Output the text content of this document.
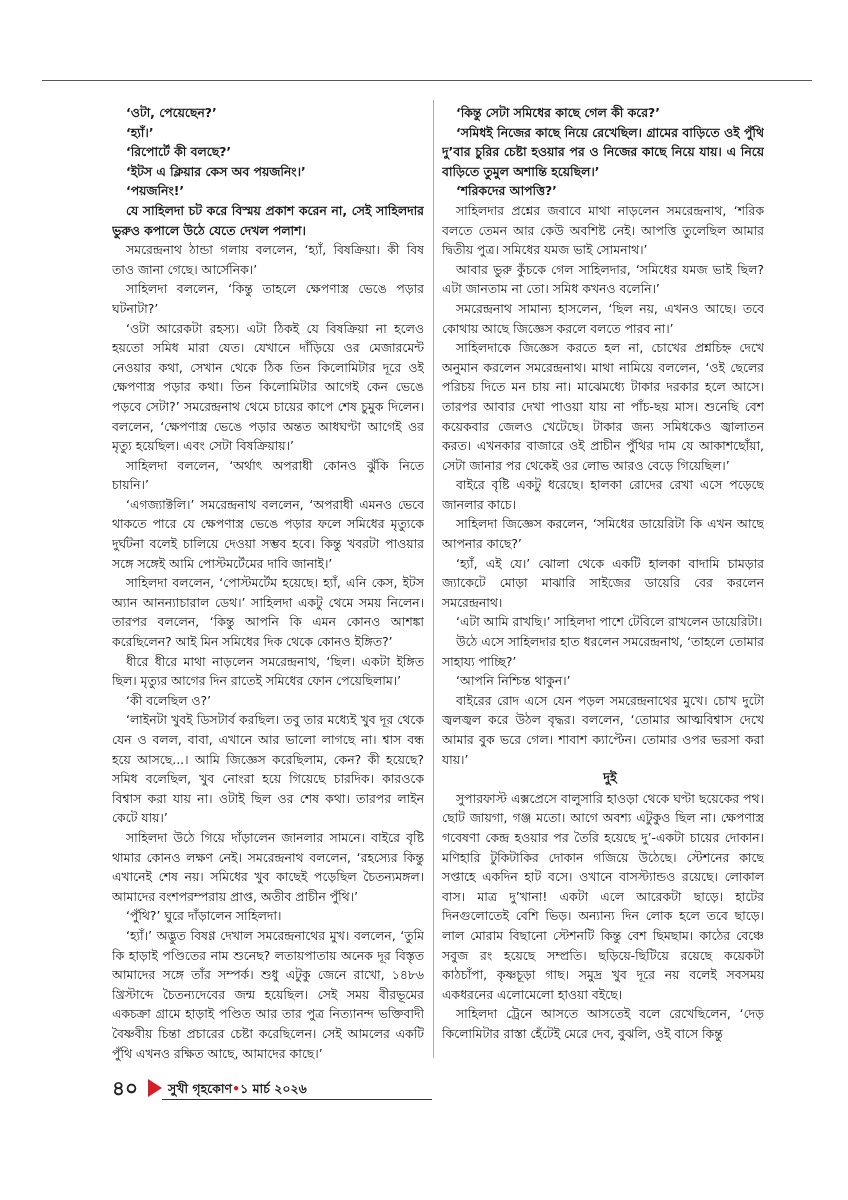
‘ওটা, পেয়েছেন?’

‘হ্যাঁ।’

‘রিপোর্টে কী বলছে?’

‘ইটস এ ক্লিয়ার কেস অব পয়জনিং।’

‘পয়জনিং!’

যে সাহিলদা চট করে বিস্ময় প্রকাশ করেন না, সেই সাহিলদার ভুরুও কপালে উঠে যেতে দেখল পলাশ।

সমরেন্দ্রনাথ ঠান্ডা গলায় বললেন, ‘হ্যাঁ, বিষক্রিয়া। কী বিষ তাও জানা গেছে। আর্সেনিক।’

সাহিলদা বললেন, ‘কিন্তু তাহলে ক্ষেপণাস্ত্র ভেঙে পড়ার ঘটনাটা?’

‘ওটা আরেকটা রহস্য। এটা ঠিকই যে বিষক্রিয়া না হলেও হয়তো সমিধ মারা যেত। যেখানে দাঁড়িয়ে ওর মেজারমেন্ট নেওয়ার কথা, সেখান থেকে ঠিক তিন কিলোমিটার দূরে ওই ক্ষেপণাস্ত্র পড়ার কথা। তিন কিলোমিটার আগেই কেন ভেঙে পড়বে সেটা?’ সমরেন্দ্রনাথ থেমে চায়ের কাপে শেষ চুমুক দিলেন। বললেন, ‘ক্ষেপণাস্ত্র ভেঙে পড়ার অন্তত আধঘণ্টা আগেই ওর মৃত্যু হয়েছিল। এবং সেটা বিষক্রিয়ায়।’

সাহিলদা বললেন, ‘অর্থাৎ অপরাধী কোনও ঝুঁকি নিতে চায়নি।’

‘এগজ্যাক্টলি।’ সমরেন্দ্রনাথ বললেন, ‘অপরাধী এমনও ভেবে থাকতে পারে যে ক্ষেপণাস্ত্র ভেঙে পড়ার ফলে সমিধের মৃত্যুকে দুর্ঘটনা বলেই চালিয়ে দেওয়া সম্ভব হবে। কিন্তু খবরটা পাওয়ার সঙ্গে সঙ্গেই আমি পোস্টমর্টেমের দাবি জানাই।’

সাহিলদা বললেন, ‘পোস্টমর্টেম হয়েছে। হ্যাঁ, এনি কেস, ইটস অ্যান আনন্যাচারাল ডেথ।’ সাহিলদা একটু থেমে সময় নিলেন। তারপর বললেন, ‘কিন্তু আপনি কি এমন কোনও আশঙ্কা করেছিলেন? আই মিন সমিধের দিক থেকে কোনও ইঙ্গিত?’

ধীরে ধীরে মাথা নাড়লেন সমরেন্দ্রনাথ, ‘ছিল। একটা ইঙ্গিত ছিল। মৃত্যুর আগের দিন রাতেই সমিধের ফোন পেয়েছিলাম।’

‘কী বলেছিল ও?’

‘লাইনটা খুবই ডিসটার্ব করছিল। তবু তার মধ্যেই খুব দূর থেকে যেন ও বলল, বাবা, এখানে আর ভালো লাগছে না। শ্বাস বন্ধ হয়ে আসছে...। আমি জিজ্ঞেস করেছিলাম, কেন? কী হয়েছে? সমিধ বলেছিল, খুব নোংরা হয়ে গিয়েছে চারদিক। কারওকে বিশ্বাস করা যায় না। ওটাই ছিল ওর শেষ কথা। তারপর লাইন কেটে যায়।’

সাহিলদা উঠে গিয়ে দাঁড়ালেন জানলার সামনে। বাইরে বৃষ্টি থামার কোনও লক্ষণ নেই। সমরেন্দ্রনাথ বললেন, ‘রহস্যের কিন্তু এখানেই শেষ নয়। সমিধের খুব কাছেই পড়েছিল চৈতন্যমঙ্গল। আমাদের বংশপরম্পরায় প্রাপ্ত, অতীব প্রাচীন পুঁথি।’

‘পুঁথি?’ ঘুরে দাঁড়ালেন সাহিলদা।

‘হ্যাঁ।’ অদ্ভুত বিষণ্ণ দেখাল সমরেন্দ্রনাথের মুখ। বললেন, ‘তুমি কি হাড়াই পণ্ডিতের নাম শুনেছ? লতায়পাতায় অনেক দূর বিস্তৃত আমাদের সঙ্গে তাঁর সম্পর্ক। শুধু এটুকু জেনে রাখো, ১৪৮৬ খ্রিস্টাব্দে চৈতন্যদেবের জন্ম হয়েছিল। সেই সময় বীরভূমের একচক্রা গ্রামে হাড়াই পণ্ডিত আর তার পুত্র নিত্যানন্দ ভক্তিবাদী বৈষ্ণবীয় চিন্তা প্রচারের চেষ্টা করেছিলেন। সেই আমলের একটি পুঁথি এখনও রক্ষিত আছে, আমাদের কাছে।’

‘কিন্তু সেটা সমিধের কাছে গেল কী করে?’

‘সমিধই নিজের কাছে নিয়ে রেখেছিল। গ্রামের বাড়িতে ওই পুঁথি দু’বার চুরির চেষ্টা হওয়ার পর ও নিজের কাছে নিয়ে যায়। এ নিয়ে বাড়িতে তুমুল অশান্তি হয়েছিল।’

‘শরিকদের আপত্তি?’

সাহিলদার প্রশ্নের জবাবে মাথা নাড়লেন সমরেন্দ্রনাথ, ‘শরিক বলতে তেমন আর কেউ অবশিষ্ট নেই। আপত্তি তুলেছিল আমার দ্বিতীয় পুত্র। সমিধের যমজ ভাই সোমনাথ।’

আবার ভুরু কুঁচকে গেল সাহিলদার, ‘সমিধের যমজ ভাই ছিল? এটা জানতাম না তো। সমিধ কখনও বলেনি।’

সমরেন্দ্রনাথ সামান্য হাসলেন, ‘ছিল নয়, এখনও আছে। তবে কোথায় আছে জিজ্ঞেস করলে বলতে পারব না।’

সাহিলদাকে জিজ্ঞেস করতে হল না, চোখের প্রশ্নচিহ্ন দেখে অনুমান করলেন সমরেন্দ্রনাথ। মাথা নামিয়ে বললেন, ‘ওই ছেলের পরিচয় দিতে মন চায় না। মাঝেমধ্যে টাকার দরকার হলে আসে। তারপর আবার দেখা পাওয়া যায় না পাঁচ-ছয় মাস। শুনেছি বেশ কয়েকবার জেলও খেটেছে। টাকার জন্য সমিধকেও জ্বালাতন করত। এখনকার বাজারে ওই প্রাচীন পুঁথির দাম যে আকাশছোঁয়া, সেটা জানার পর থেকেই ওর লোভ আরও বেড়ে গিয়েছিল।’

বাইরে বৃষ্টি একটু ধরেছে। হালকা রোদের রেখা এসে পড়েছে জানলার কাচে।

সাহিলদা জিজ্ঞেস করলেন, ‘সমিধের ডায়েরিটা কি এখন আছে আপনার কাছে?’

‘হ্যাঁ, এই যে।’ ঝোলা থেকে একটি হালকা বাদামি চামড়ার জ্যাকেটে মোড়া মাঝারি সাইজের ডায়েরি বের করলেন সমরেন্দ্রনাথ।

‘এটা আমি রাখছি।’ সাহিলদা পাশে টেবিলে রাখলেন ডায়েরিটা।

উঠে এসে সাহিলদার হাত ধরলেন সমরেন্দ্রনাথ, ‘তাহলে তোমার সাহায্য পাচ্ছি?’

‘আপনি নিশ্চিন্ত থাকুন।’

বাইরের রোদ এসে যেন পড়ল সমরেন্দ্রনাথের মুখে। চোখ দুটো জ্বলজ্বল করে উঠল বৃদ্ধর। বললেন, ‘তোমার আত্মবিশ্বাস দেখে আমার বুক ভরে গেল। শাবাশ ক্যাপ্টেন। তোমার ওপর ভরসা করা যায়।’

দুই

সুপারফাস্ট এক্সপ্রেসে বালুসারি হাওড়া থেকে ঘণ্টা ছয়েকের পথ। ছোট জায়গা, গঞ্জ মতো। আগে অবশ্য এটুকুও ছিল না। ক্ষেপণাস্ত্র গবেষণা কেন্দ্র হওয়ার পর তৈরি হয়েছে দু’-একটা চায়ের দোকান। মণিহারি টুকিটাকির দোকান গজিয়ে উঠেছে। স্টেশনের কাছে সপ্তাহে একদিন হাট বসে। ওখানে বাসস্ট্যান্ডও রয়েছে। লোকাল বাস। মাত্র দু’খানা! একটা এলে আরেকটা ছাড়ে। হাটের দিনগুলোতেই বেশি ভিড়। অন্যান্য দিন লোক হলে তবে ছাড়ে। লাল মোরাম বিছানো স্টেশনটি কিন্তু বেশ ছিমছাম। কাঠের বেঞ্চে সবুজ রং হয়েছে সম্প্রতি। ছড়িয়ে-ছিটিয়ে রয়েছে কয়েকটা কাঠচাঁপা, কৃষ্ণচূড়া গাছ। সমুদ্র খুব দূরে নয় বলেই সবসময় একধরনের এলোমেলো হাওয়া বইছে।

সাহিলদা ট্রেনে আসতে আসতেই বলে রেখেছিলেন, ‘দেড় কিলোমিটার রাস্তা হেঁটেই মেরে দেব, বুঝলি, ওই বাসে কিন্তু

৪০ সুখী গৃহকোণ•১ মার্চ ২০২৬
